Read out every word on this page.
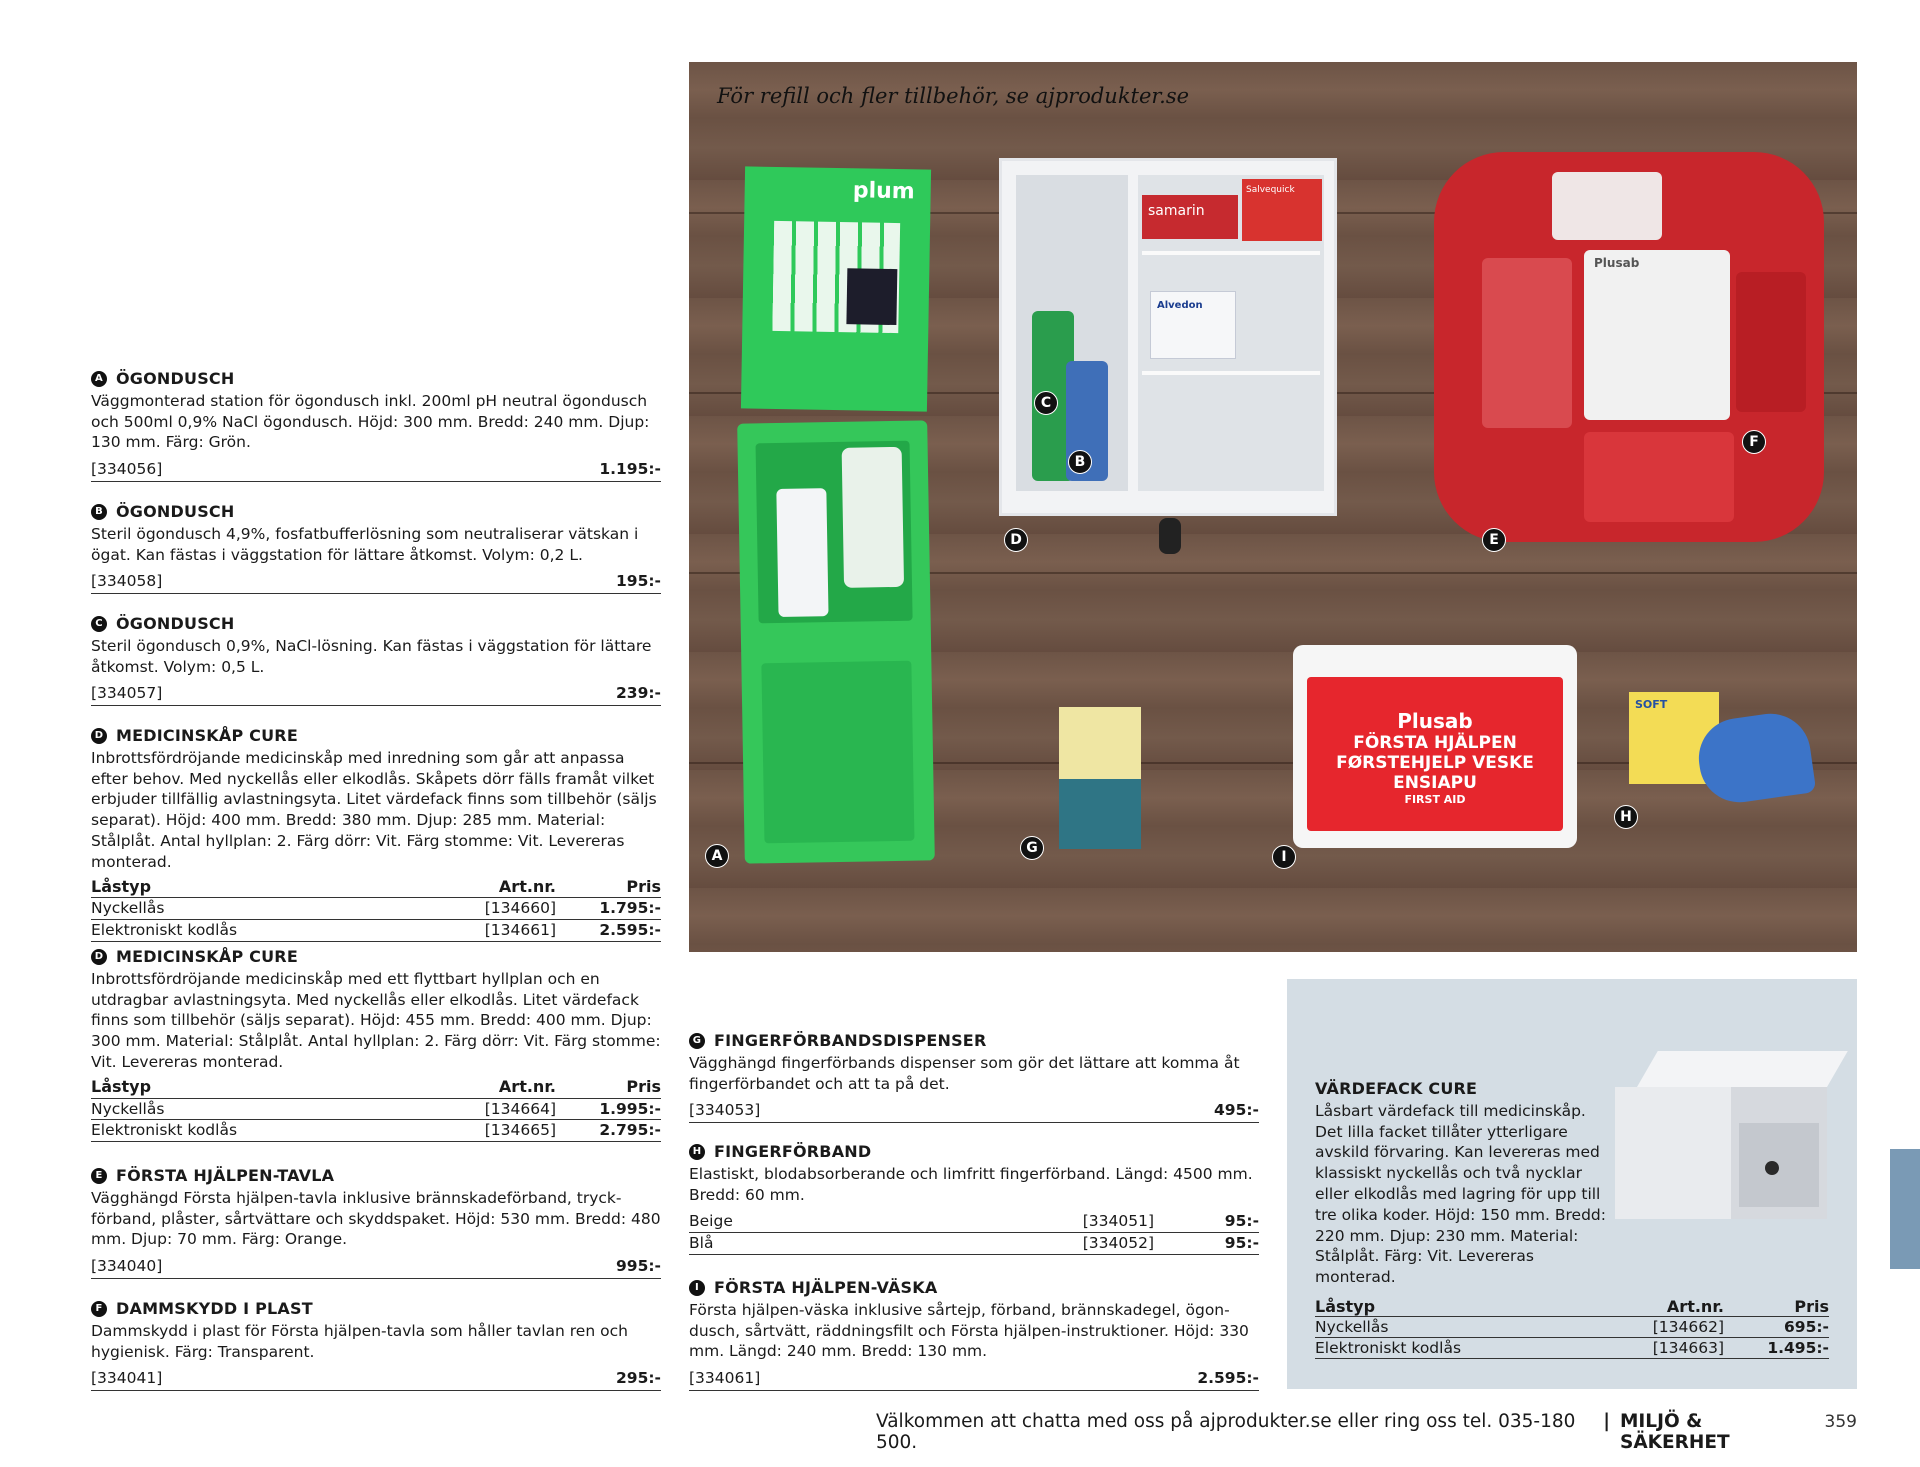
A ÖGONDUSCH
Väggmonterad station för ögondusch inkl. 200ml pH neutral ögondusch och 500ml 0,9% NaCl ögondusch. Höjd: 300 mm. Bredd: 240 mm. Djup: 130 mm. Färg: Grön.
[334056]	1.195:-
B ÖGONDUSCH
Steril ögondusch 4,9%, fosfatbufferlösning som neutraliserar vätskan i ögat. Kan fästas i väggstation för lättare åtkomst. Volym: 0,2 L.
[334058]	195:-
C ÖGONDUSCH
Steril ögondusch 0,9%, NaCl-lösning. Kan fästas i väggstation för lättare åtkomst. Volym: 0,5 L.
[334057]	239:-
D MEDICINSKÅP CURE
Inbrottsfördröjande medicinskåp med inredning som går att anpassa efter behov. Med nyckellås eller elkodlås. Skåpets dörr fälls framåt vilket erbjuder tillfällig avlastningsyta. Litet värdefack finns som tillbehör (säljs separat). Höjd: 400 mm. Bredd: 380 mm. Djup: 285 mm. Material: Stålplåt. Antal hyllplan: 2. Färg dörr: Vit. Färg stomme: Vit. Levereras monterad.
Låstyp	Art.nr.	Pris
Nyckellås	[134660]	1.795:-
Elektroniskt kodlås	[134661]	2.595:-
D MEDICINSKÅP CURE
Inbrottsfördröjande medicinskåp med ett flyttbart hyllplan och en utdragbar avlastningsyta. Med nyckellås eller elkodlås. Litet värdefack finns som tillbehör (säljs separat). Höjd: 455 mm. Bredd: 400 mm. Djup: 300 mm. Material: Stålplåt. Antal hyllplan: 2. Färg dörr: Vit. Färg stomme: Vit. Levereras monterad.
Låstyp	Art.nr.	Pris
Nyckellås	[134664]	1.995:-
Elektroniskt kodlås	[134665]	2.795:-
E FÖRSTA HJÄLPEN-TAVLA
Vägghängd Första hjälpen-tavla inklusive brännskadeförband, tryck-förband, plåster, sårtvättare och skyddspaket. Höjd: 530 mm. Bredd: 480 mm. Djup: 70 mm. Färg: Orange.
[334040]	995:-
F DAMMSKYDD I PLAST
Dammskydd i plast för Första hjälpen-tavla som håller tavlan ren och hygienisk. Färg: Transparent.
[334041]	295:-
För refill och fler tillbehör, se ajprodukter.se
plum
samarin
Salvequick
Alvedon
Plusab
Plusab
FÖRSTA HJÄLPEN
FØRSTEHJELP VESKE
ENSIAPU
FIRST AID
SOFT
A
B
C
D	E
F
G
H
I
G FINGERFÖRBANDSDISPENSER
Vägghängd fingerförbands dispenser som gör det lättare att komma åt fingerförbandet och att ta på det.
[334053]	495:-
H FINGERFÖRBAND
Elastiskt, blodabsorberande och limfritt fingerförband. Längd: 4500 mm. Bredd: 60 mm.
Beige	[334051]	95:-
Blå	[334052]	95:-
I FÖRSTA HJÄLPEN-VÄSKA
Första hjälpen-väska inklusive sårtejp, förband, brännskadegel, ögon-dusch, sårtvätt, räddningsfilt och Första hjälpen-instruktioner. Höjd: 330 mm. Längd: 240 mm. Bredd: 130 mm.
[334061]	2.595:-
VÄRDEFACK CURE
Låsbart värdefack till medicinskåp. Det lilla facket tillåter ytterligare avskild förvaring. Kan levereras med klassiskt nyckellås och två nycklar eller elkodlås med lagring för upp till tre olika koder. Höjd: 150 mm. Bredd: 220 mm. Djup: 230 mm. Material: Stålplåt. Färg: Vit. Levereras monterad.
Låstyp	Art.nr.	Pris
Nyckellås	[134662]	695:-
Elektroniskt kodlås	[134663]	1.495:-
Välkommen att chatta med oss på ajprodukter.se eller ring oss tel. 035-180 500.
| MILJÖ & SÄKERHET
359
